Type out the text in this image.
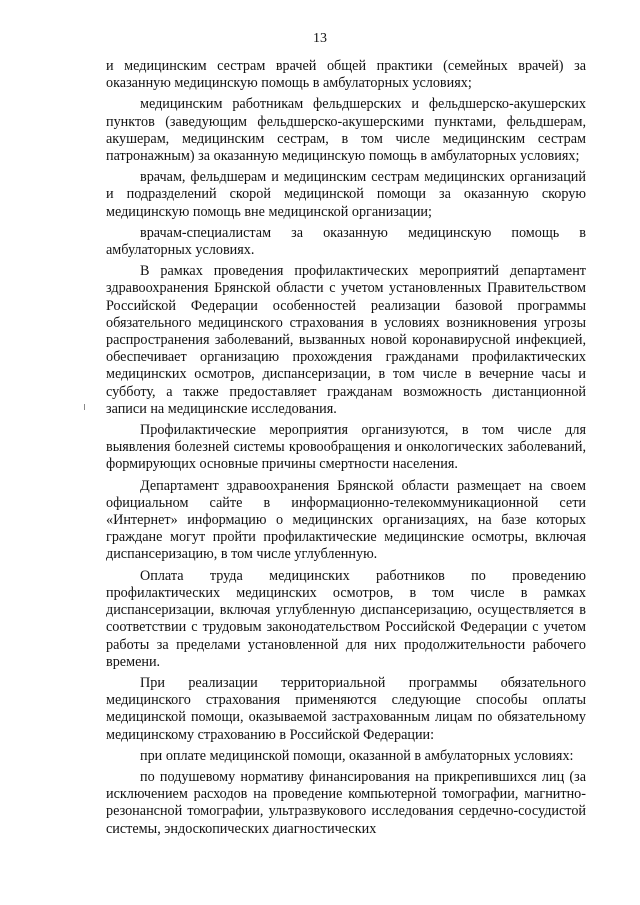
13

и медицинским сестрам врачей общей практики (семейных врачей) за оказанную медицинскую помощь в амбулаторных условиях;

медицинским работникам фельдшерских и фельдшерско-акушерских пунктов (заведующим фельдшерско-акушерскими пунктами, фельдшерам, акушерам, медицинским сестрам, в том числе медицинским сестрам патронажным) за оказанную медицинскую помощь в амбулаторных условиях;

врачам, фельдшерам и медицинским сестрам медицинских организаций и подразделений скорой медицинской помощи за оказанную скорую медицинскую помощь вне медицинской организации;

врачам-специалистам за оказанную медицинскую помощь в амбулаторных условиях.

В рамках проведения профилактических мероприятий департамент здравоохранения Брянской области с учетом установленных Правительством Российской Федерации особенностей реализации базовой программы обязательного медицинского страхования в условиях возникновения угрозы распространения заболеваний, вызванных новой коронавирусной инфекцией, обеспечивает организацию прохождения гражданами профилактических медицинских осмотров, диспансеризации, в том числе в вечерние часы и субботу, а также предоставляет гражданам возможность дистанционной записи на медицинские исследования.

Профилактические мероприятия организуются, в том числе для выявления болезней системы кровообращения и онкологических заболеваний, формирующих основные причины смертности населения.

Департамент здравоохранения Брянской области размещает на своем официальном сайте в информационно-телекоммуникационной сети «Интернет» информацию о медицинских организациях, на базе которых граждане могут пройти профилактические медицинские осмотры, включая диспансеризацию, в том числе углубленную.

Оплата труда медицинских работников по проведению профилактических медицинских осмотров, в том числе в рамках диспансеризации, включая углубленную диспансеризацию, осуществляется в соответствии с трудовым законодательством Российской Федерации с учетом работы за пределами установленной для них продолжительности рабочего времени.

При реализации территориальной программы обязательного медицинского страхования применяются следующие способы оплаты медицинской помощи, оказываемой застрахованным лицам по обязательному медицинскому страхованию в Российской Федерации:

при оплате медицинской помощи, оказанной в амбулаторных условиях:

по подушевому нормативу финансирования на прикрепившихся лиц (за исключением расходов на проведение компьютерной томографии, магнитно-резонансной томографии, ультразвукового исследования сердечно-сосудистой системы, эндоскопических диагностических
